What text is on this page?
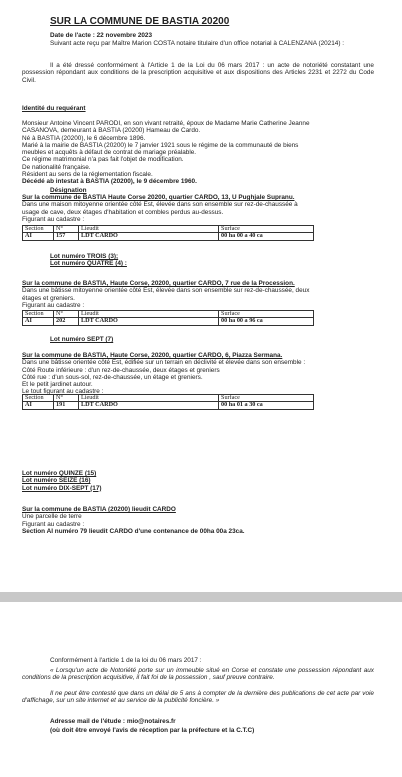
SUR LA COMMUNE DE BASTIA 20200
Date de l'acte : 22 novembre 2023

Suivant acte reçu par Maître Marion COSTA notaire titulaire d'un office notarial à CALENZANA (20214) :

Il a été dressé conformément à l'Article 1 de la Loi du 06 mars 2017 : un acte de notoriété constatant une possession répondant aux conditions de la prescription acquisitive et aux dispositions des Articles 2231 et 2272 du Code Civil.

Identité du requérant
Monsieur Antoine Vincent PARODI, en son vivant retraité, époux de Madame Marie Catherine Jeanne
CASANOVA, demeurant à BASTIA (20200) Hameau de Cardo.
Né à BASTIA (20200), le 6 décembre 1896.
Marié à la mairie de BASTIA (20200) le 7 janvier 1921 sous le régime de la communauté de biens
meubles et acquêts à défaut de contrat de mariage préalable.
Ce régime matrimonial n'a pas fait l'objet de modification.
De nationalité française.
Résident au sens de la réglementation fiscale.
Décédé ab intestat à BASTIA (20200), le 9 décembre 1960.
Désignation
Sur la commune de BASTIA Haute Corse 20200, quartier CARDO, 13, U Pughjale Supranu.
Dans une maison mitoyenne orientée côté Est, élevée dans son ensemble sur rez-de-chaussée à
usage de cave, deux étages d'habitation et combles perdus au-dessus.
Figurant au cadastre :
Section	N°	Lieudit	Surface
AI	157	LDT CARDO	00 ha 00 a 40 ca
Lot numéro TROIS (3);
Lot numéro QUATRE (4) :
Sur la commune de BASTIA, Haute Corse, 20200, quartier CARDO, 7 rue de la Procession.
Dans une bâtisse mitoyenne orientée côté Est, élevée dans son ensemble sur rez-de-chaussée, deux
étages et greniers.
Figurant au cadastre :
Section	N°	Lieudit	Surface
AI	202	LDT CARDO	00 ha 00 a 96 ca
Lot numéro SEPT (7)
Sur la commune de BASTIA, Haute Corse, 20200, quartier CARDO, 6, Piazza Sermana.
Dans une bâtisse orientée côté Est, édifiée sur un terrain en déclivité et élevée dans son ensemble :
Côté Route inférieure : d'un rez-de-chaussée, deux étages et greniers
Côté rue : d'un sous-sol, rez-de-chaussée, un étage et greniers.
Et le petit jardinet autour.
Le tout figurant au cadastre :
Section	N°	Lieudit	Surface
AI	191	LDT CARDO	00 ha 01 a 30 ca
Lot numéro QUINZE (15)
Lot numéro SEIZE (16)
Lot numéro DIX-SEPT (17)
Sur la commune de BASTIA (20200) lieudit CARDO
Une parcelle de terre
Figurant au cadastre :
Section AI numéro 79 lieudit CARDO d'une contenance de 00ha 00a 23ca.
Conformément à l'article 1 de la loi du 06 mars 2017 :

« Lorsqu'un acte de Notoriété porte sur un immeuble situé en Corse et constate une possession répondant aux conditions de la prescription acquisitive, il fait foi de la possession , sauf preuve contraire.

Il ne peut être contesté que dans un délai de 5 ans à compter de la dernière des publications de cet acte par voie d'affichage, sur un site internet et au service de la publicité foncière. »

Adresse mail de l'étude : mio@notaires.fr
(où doit être envoyé l'avis de réception par la préfecture et la C.T.C)
